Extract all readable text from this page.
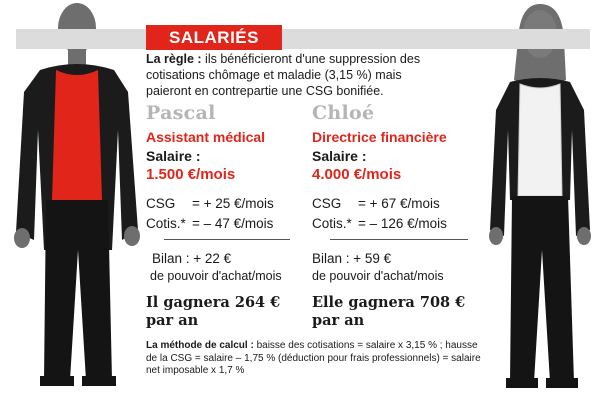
SALARIÉS
La règle : ils bénéficieront d'une suppression des cotisations chômage et maladie (3,15 %) mais paieront en contrepartie une CSG bonifiée.
Pascal
Assistant médical
Salaire :
1.500 €/mois
CSG	= + 25 €/mois
Cotis.* = – 47 €/mois
Bilan : + 22 €
de pouvoir d'achat/mois
Il gagnera 264 €
par an
Chloé
Directrice financière
Salaire :
4.000 €/mois
CSG	= + 67 €/mois
Cotis.* = – 126 €/mois
Bilan : + 59 €
de pouvoir d'achat/mois
Elle gagnera 708 €
par an
La méthode de calcul : baisse des cotisations = salaire x 3,15 % ; hausse de la CSG = salaire – 1,75 % (déduction pour frais professionnels) = salaire net imposable x 1,7 %
